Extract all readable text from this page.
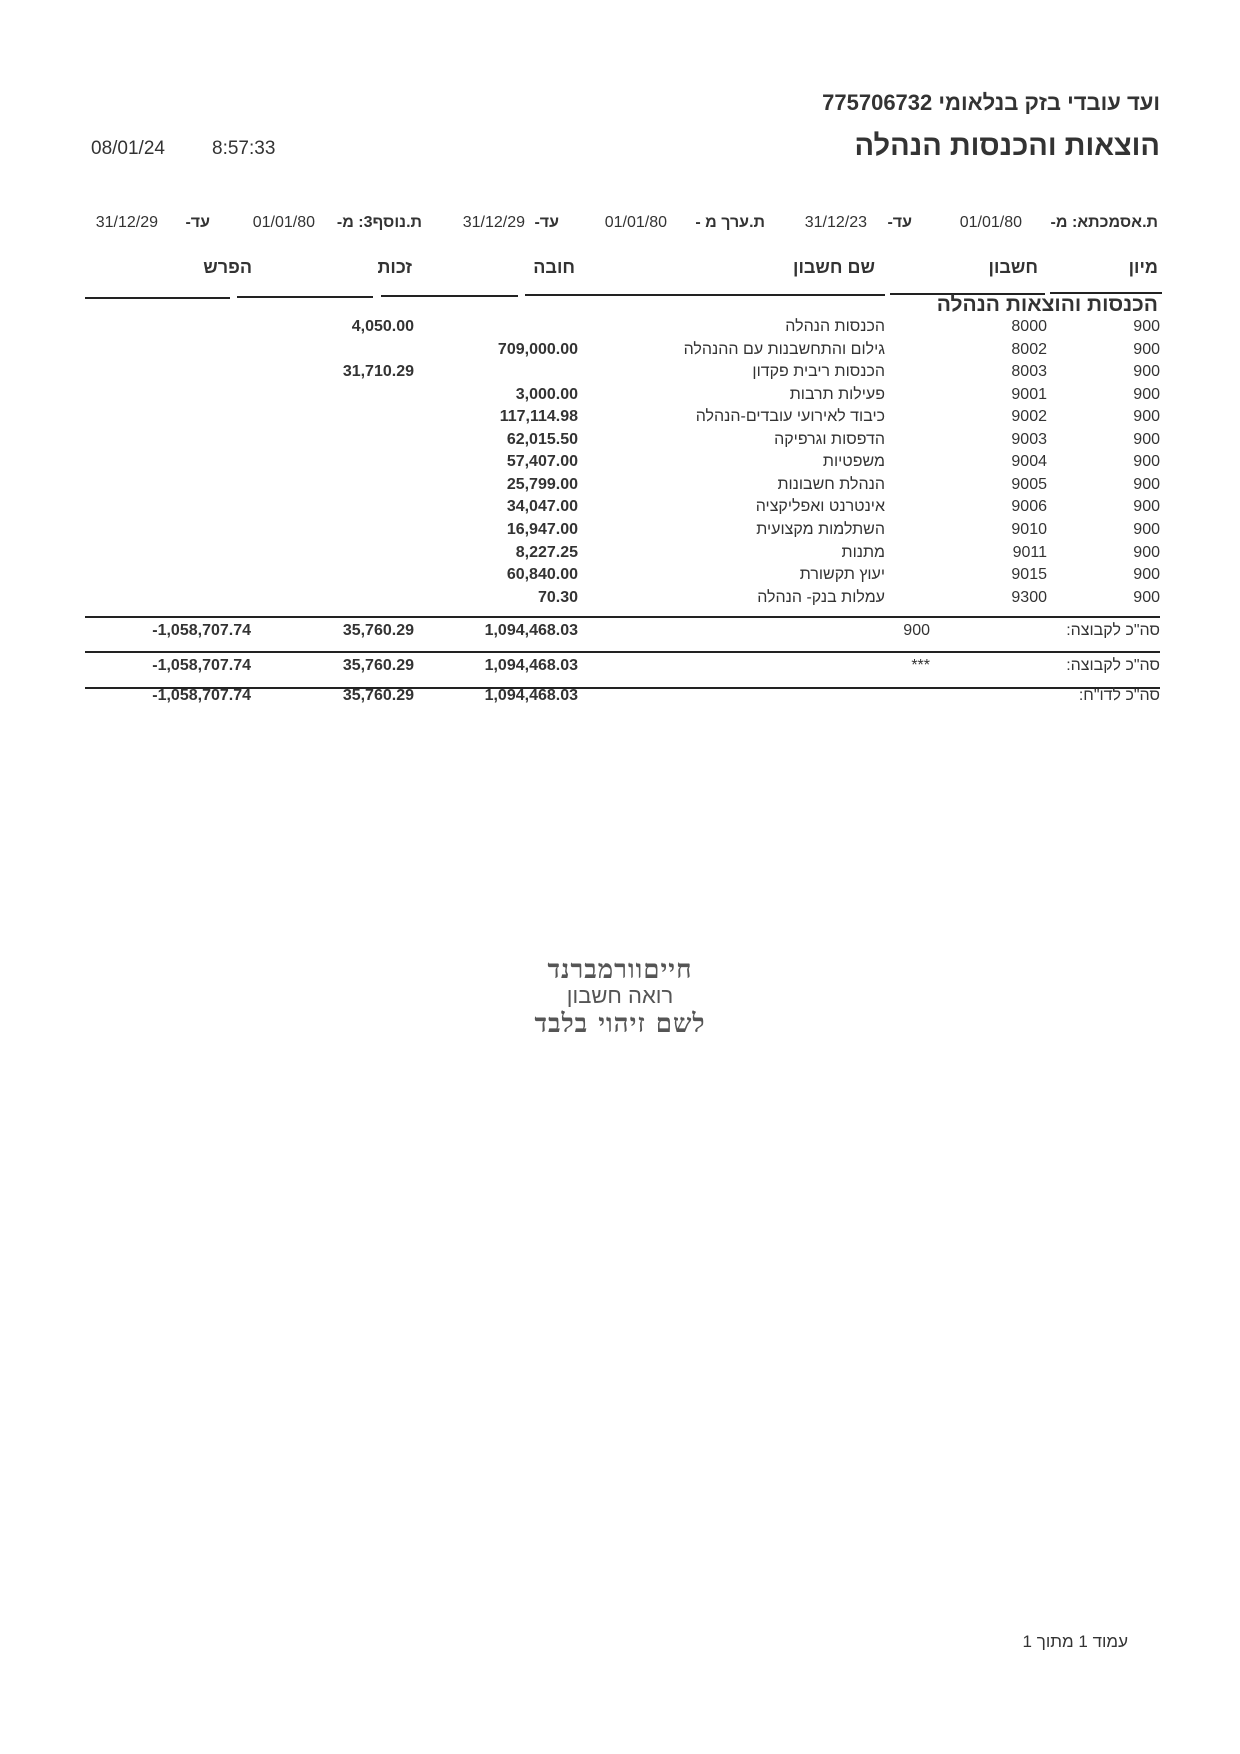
ועד עובדי בזק בנלאומי 775706732
הוצאות והכנסות הנהלה
08/01/24 8:57:33
ת.אסמכתא: מ-
01/01/80
עד-
31/12/23
ת.ערך מ -
01/01/80
עד-
31/12/29
ת.נוסף3: מ-
01/01/80
עד-
31/12/29
מיון
חשבון
שם חשבון
חובה
זכות
הפרש
הכנסות והוצאות הנהלה
900
8000
הכנסות הנהלה
4,050.00
900
8002
גילום והתחשבנות עם ההנהלה
709,000.00
900
8003
הכנסות ריבית פקדון
31,710.29
900
9001
פעילות תרבות
3,000.00
900
9002
כיבוד לאירועי עובדים-הנהלה
117,114.98
900
9003
הדפסות וגרפיקה
62,015.50
900
9004
משפטיות
57,407.00
900
9005
הנהלת חשבונות
25,799.00
900
9006
אינטרנט ואפליקציה
34,047.00
900
9010
השתלמות מקצועית
16,947.00
900
9011
מתנות
8,227.25
900
9015
יעוץ תקשורת
60,840.00
900
9300
עמלות בנק- הנהלה
70.30
סה"כ לקבוצה:
900
1,094,468.03
35,760.29
-1,058,707.74
סה"כ לקבוצה:
***
1,094,468.03
35,760.29
-1,058,707.74
סה"כ לדו"ח:
1,094,468.03
35,760.29
-1,058,707.74
חייםוורמברנד
רואה חשבון
לשם זיהוי בלבד
עמוד 1 מתוך 1
